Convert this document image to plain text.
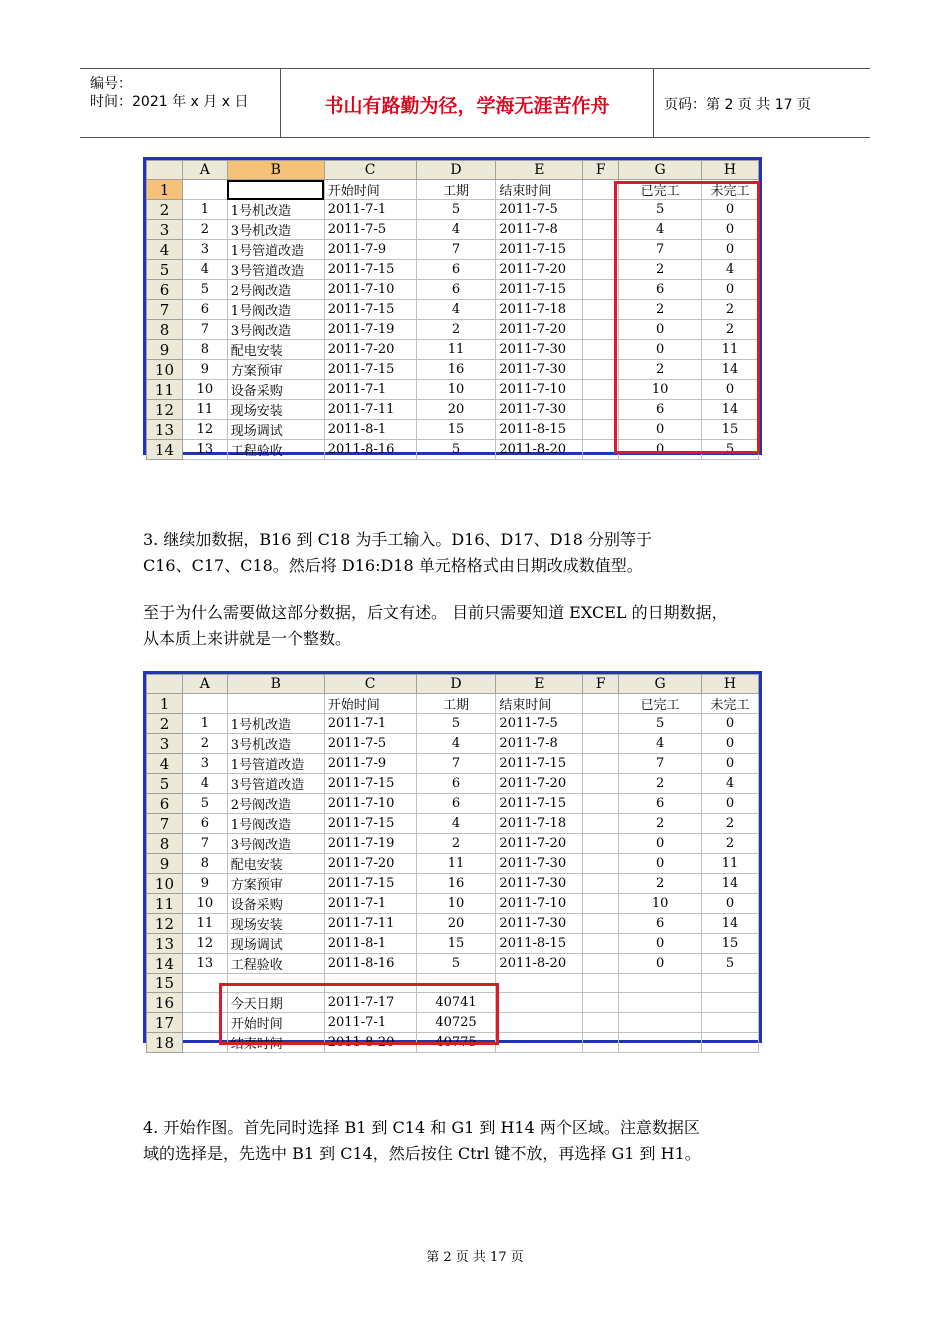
编号：
时间：2021 年 x 月 x 日	书山有路勤为径，学海无涯苦作舟	页码：第 2 页 共 17 页
	A	B	C	D	E	F	G	H
1			开始时间	工期	结束时间		已完工	未完工
2	1	1号机改造	2011-7-1	5	2011-7-5		5	0
3	2	3号机改造	2011-7-5	4	2011-7-8		4	0
4	3	1号管道改造	2011-7-9	7	2011-7-15		7	0
5	4	3号管道改造	2011-7-15	6	2011-7-20		2	4
6	5	2号阀改造	2011-7-10	6	2011-7-15		6	0
7	6	1号阀改造	2011-7-15	4	2011-7-18		2	2
8	7	3号阀改造	2011-7-19	2	2011-7-20		0	2
9	8	配电安装	2011-7-20	11	2011-7-30		0	11
10	9	方案预审	2011-7-15	16	2011-7-30		2	14
11	10	设备采购	2011-7-1	10	2011-7-10		10	0
12	11	现场安装	2011-7-11	20	2011-7-30		6	14
13	12	现场调试	2011-8-1	15	2011-8-15		0	15
14	13	工程验收	2011-8-16	5	2011-8-20		0	5
3. 继续加数据，B16 到 C18 为手工输入。D16、D17、D18 分别等于
C16、C17、C18。然后将 D16:D18 单元格格式由日期改成数值型。
至于为什么需要做这部分数据，后文有述。 目前只需要知道 EXCEL 的日期数据，
从本质上来讲就是一个整数。
	A	B	C	D	E	F	G	H
1			开始时间	工期	结束时间		已完工	未完工
2	1	1号机改造	2011-7-1	5	2011-7-5		5	0
3	2	3号机改造	2011-7-5	4	2011-7-8		4	0
4	3	1号管道改造	2011-7-9	7	2011-7-15		7	0
5	4	3号管道改造	2011-7-15	6	2011-7-20		2	4
6	5	2号阀改造	2011-7-10	6	2011-7-15		6	0
7	6	1号阀改造	2011-7-15	4	2011-7-18		2	2
8	7	3号阀改造	2011-7-19	2	2011-7-20		0	2
9	8	配电安装	2011-7-20	11	2011-7-30		0	11
10	9	方案预审	2011-7-15	16	2011-7-30		2	14
11	10	设备采购	2011-7-1	10	2011-7-10		10	0
12	11	现场安装	2011-7-11	20	2011-7-30		6	14
13	12	现场调试	2011-8-1	15	2011-8-15		0	15
14	13	工程验收	2011-8-16	5	2011-8-20		0	5
15								
16		今天日期	2011-7-17	40741				
17		开始时间	2011-7-1	40725				
18		结束时间	2011-8-20	40775				
4. 开始作图。首先同时选择 B1 到 C14 和 G1 到 H14 两个区域。注意数据区
域的选择是，先选中 B1 到 C14，然后按住 Ctrl 键不放，再选择 G1 到 H1。
第 2 页 共 17 页
